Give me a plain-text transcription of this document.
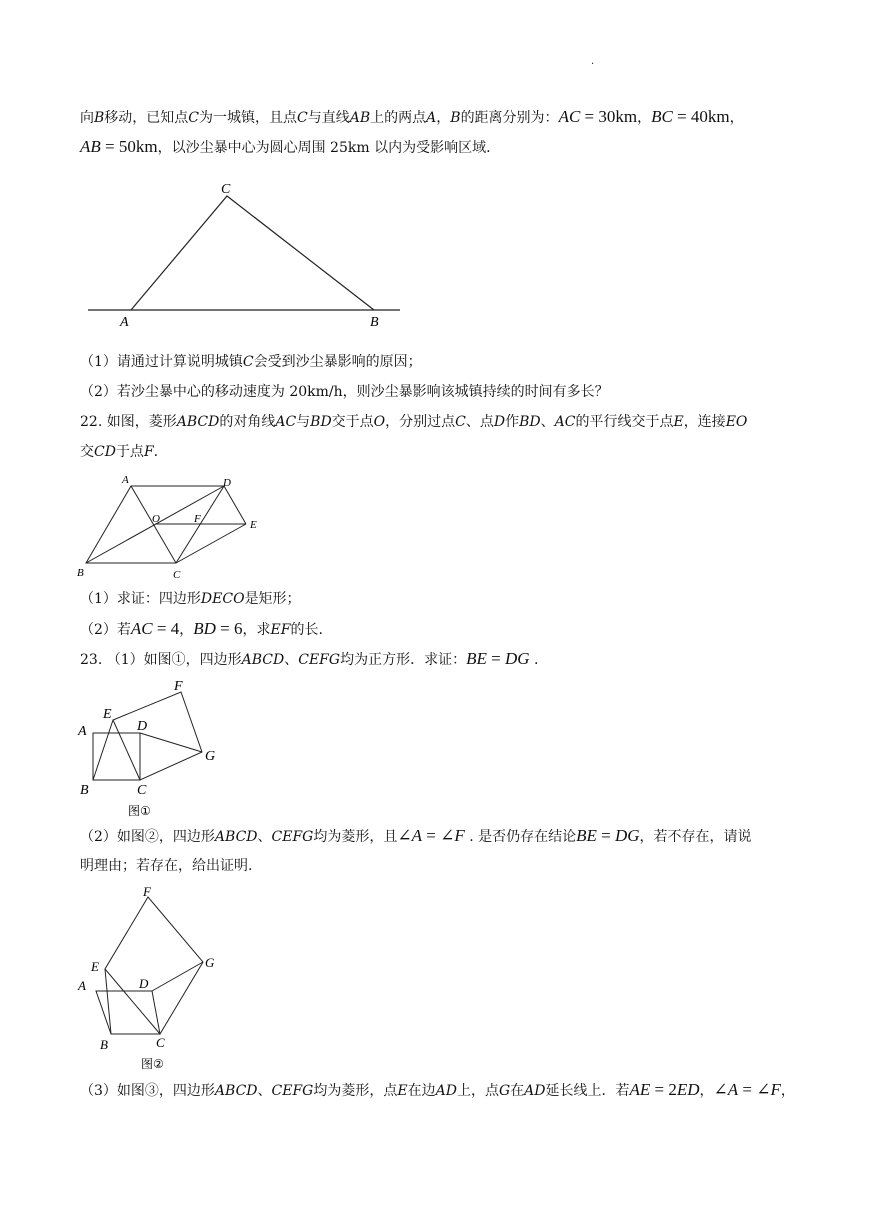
.
向B移动，已知点C为一城镇，且点C与直线AB上的两点A，B的距离分别为：AC = 30km，BC = 40km，
AB = 50km，以沙尘暴中心为圆心周围 25km 以内为受影响区域.
C
A	B
（1）请通过计算说明城镇C会受到沙尘暴影响的原因；
（2）若沙尘暴中心的移动速度为 20km/h，则沙尘暴影响该城镇持续的时间有多长？
22. 如图，菱形ABCD的对角线AC与BD交于点O，分别过点C、点D作BD、AC的平行线交于点E，连接EO
交CD于点F.
A	D
O	F	E
B	C
（1）求证：四边形DECO是矩形；
（2）若AC = 4，BD = 6，求EF的长.
23. （1）如图①，四边形ABCD、CEFG均为正方形．求证：BE = DG .
F
E
D
A
G
B	C
图①
（2）如图②，四边形ABCD、CEFG均为菱形，且∠A = ∠F . 是否仍存在结论BE = DG，若不存在，请说
明理由；若存在，给出证明.
F
G
E
A	D
B	C
图②
（3）如图③，四边形ABCD、CEFG均为菱形，点E在边AD上，点G在AD延长线上．若AE = 2ED，∠A = ∠F，
